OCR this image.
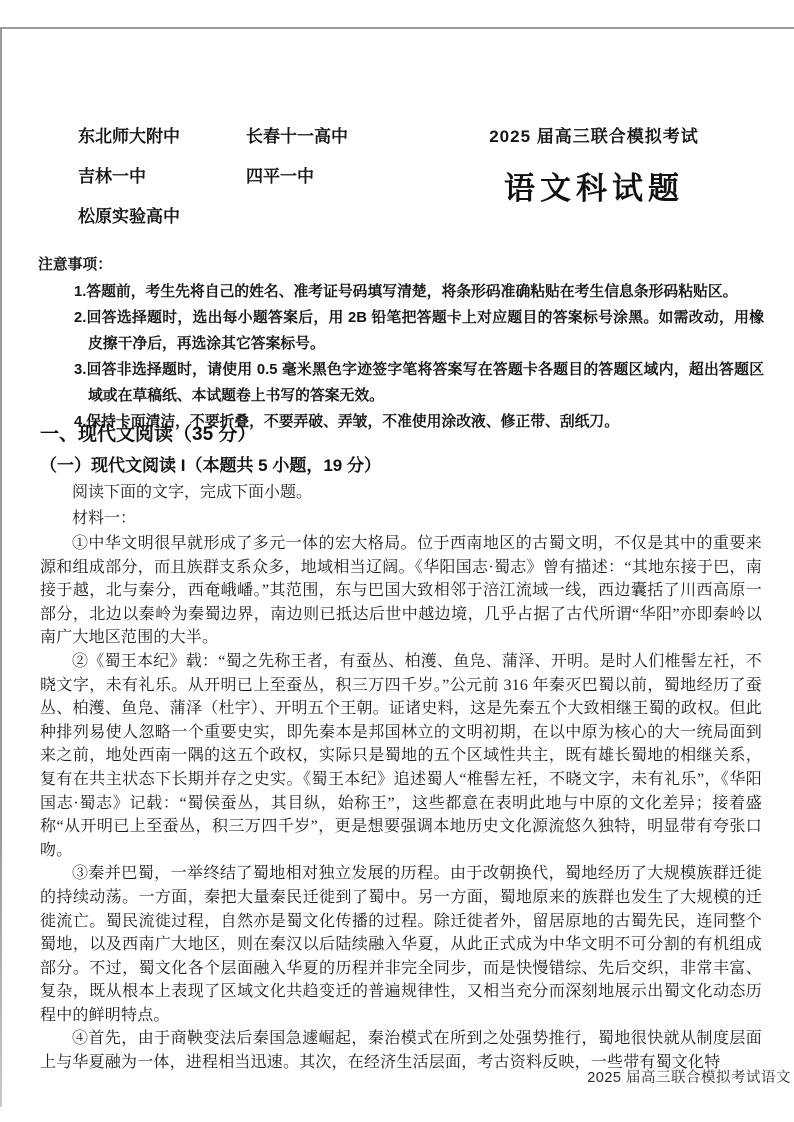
东北师大附中	长春十一高中
吉林一中	四平一中
松原实验高中
2025 届高三联合模拟考试
语文科试题
注意事项：
1.答题前，考生先将自己的姓名、准考证号码填写清楚，将条形码准确粘贴在考生信息条形码粘贴区。
2.回答选择题时，选出每小题答案后，用 2B 铅笔把答题卡上对应题目的答案标号涂黑。如需改动，用橡皮擦干净后，再选涂其它答案标号。
3.回答非选择题时，请使用 0.5 毫米黑色字迹签字笔将答案写在答题卡各题目的答题区域内，超出答题区域或在草稿纸、本试题卷上书写的答案无效。
4.保持卡面清洁，不要折叠，不要弄破、弄皱，不准使用涂改液、修正带、刮纸刀。
一、现代文阅读（35 分）
（一）现代文阅读 I（本题共 5 小题，19 分）
阅读下面的文字，完成下面小题。
材料一：

①中华文明很早就形成了多元一体的宏大格局。位于西南地区的古蜀文明，不仅是其中的重要来源和组成部分，而且族群支系众多，地域相当辽阔。《华阳国志·蜀志》曾有描述：“其地东接于巴，南接于越，北与秦分，西奄峨嶓。”其范围，东与巴国大致相邻于涪江流域一线，西边囊括了川西高原一部分，北边以秦岭为秦蜀边界，南边则已抵达后世中越边境，几乎占据了古代所谓“华阳”亦即秦岭以南广大地区范围的大半。

②《蜀王本纪》载：“蜀之先称王者，有蚕丛、柏濩、鱼凫、蒲泽、开明。是时人们椎髻左衽，不晓文字，未有礼乐。从开明已上至蚕丛，积三万四千岁。”公元前 316 年秦灭巴蜀以前，蜀地经历了蚕丛、柏濩、鱼凫、蒲泽（杜宇）、开明五个王朝。证诸史料，这是先秦五个大致相继王蜀的政权。但此种排列易使人忽略一个重要史实，即先秦本是邦国林立的文明初期，在以中原为核心的大一统局面到来之前，地处西南一隅的这五个政权，实际只是蜀地的五个区域性共主，既有雄长蜀地的相继关系，复有在共主状态下长期并存之史实。《蜀王本纪》追述蜀人“椎髻左衽，不晓文字，未有礼乐”，《华阳国志·蜀志》记载：“蜀侯蚕丛，其目纵，始称王”，这些都意在表明此地与中原的文化差异；接着盛称“从开明已上至蚕丛，积三万四千岁”，更是想要强调本地历史文化源流悠久独特，明显带有夸张口吻。

③秦并巴蜀，一举终结了蜀地相对独立发展的历程。由于改朝换代，蜀地经历了大规模族群迁徙的持续动荡。一方面，秦把大量秦民迁徙到了蜀中。另一方面，蜀地原来的族群也发生了大规模的迁徙流亡。蜀民流徙过程，自然亦是蜀文化传播的过程。除迁徙者外，留居原地的古蜀先民，连同整个蜀地，以及西南广大地区，则在秦汉以后陆续融入华夏，从此正式成为中华文明不可分割的有机组成部分。不过，蜀文化各个层面融入华夏的历程并非完全同步，而是快慢错综、先后交织，非常丰富、复杂，既从根本上表现了区域文化共趋变迁的普遍规律性，又相当充分而深刻地展示出蜀文化动态历程中的鲜明特点。

④首先，由于商鞅变法后秦国急遽崛起，秦治模式在所到之处强势推行，蜀地很快就从制度层面上与华夏融为一体，进程相当迅速。其次，在经济生活层面，考古资料反映，一些带有蜀文化特

2025 届高三联合模拟考试语文
